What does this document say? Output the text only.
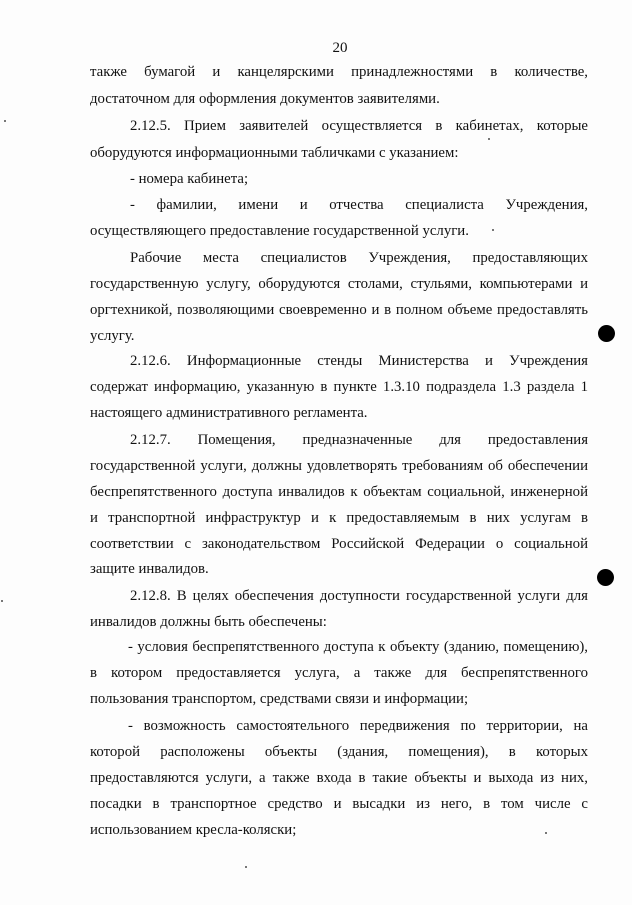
20
также бумагой и канцелярскими принадлежностями в количестве,
достаточном для оформления документов заявителями.
2.12.5. Прием заявителей осуществляется в кабинетах, которые
оборудуются информационными табличками с указанием:
- номера кабинета;
- фамилии, имени и отчества специалиста Учреждения,
осуществляющего предоставление государственной услуги.
Рабочие места специалистов Учреждения, предоставляющих
государственную услугу, оборудуются столами, стульями, компьютерами и
оргтехникой, позволяющими своевременно и в полном объеме предоставлять
услугу.
2.12.6. Информационные стенды Министерства и Учреждения
содержат информацию, указанную в пункте 1.3.10 подраздела 1.3 раздела 1
настоящего административного регламента.
2.12.7. Помещения, предназначенные для предоставления
государственной услуги, должны удовлетворять требованиям об обеспечении
беспрепятственного доступа инвалидов к объектам социальной, инженерной
и транспортной инфраструктур и к предоставляемым в них услугам в
соответствии с законодательством Российской Федерации о социальной
защите инвалидов.
2.12.8. В целях обеспечения доступности государственной услуги для
инвалидов должны быть обеспечены:
- условия беспрепятственного доступа к объекту (зданию, помещению),
в котором предоставляется услуга, а также для беспрепятственного
пользования транспортом, средствами связи и информации;
- возможность самостоятельного передвижения по территории, на
которой расположены объекты (здания, помещения), в которых
предоставляются услуги, а также входа в такие объекты и выхода из них,
посадки в транспортное средство и высадки из него, в том числе с
использованием кресла-коляски;
